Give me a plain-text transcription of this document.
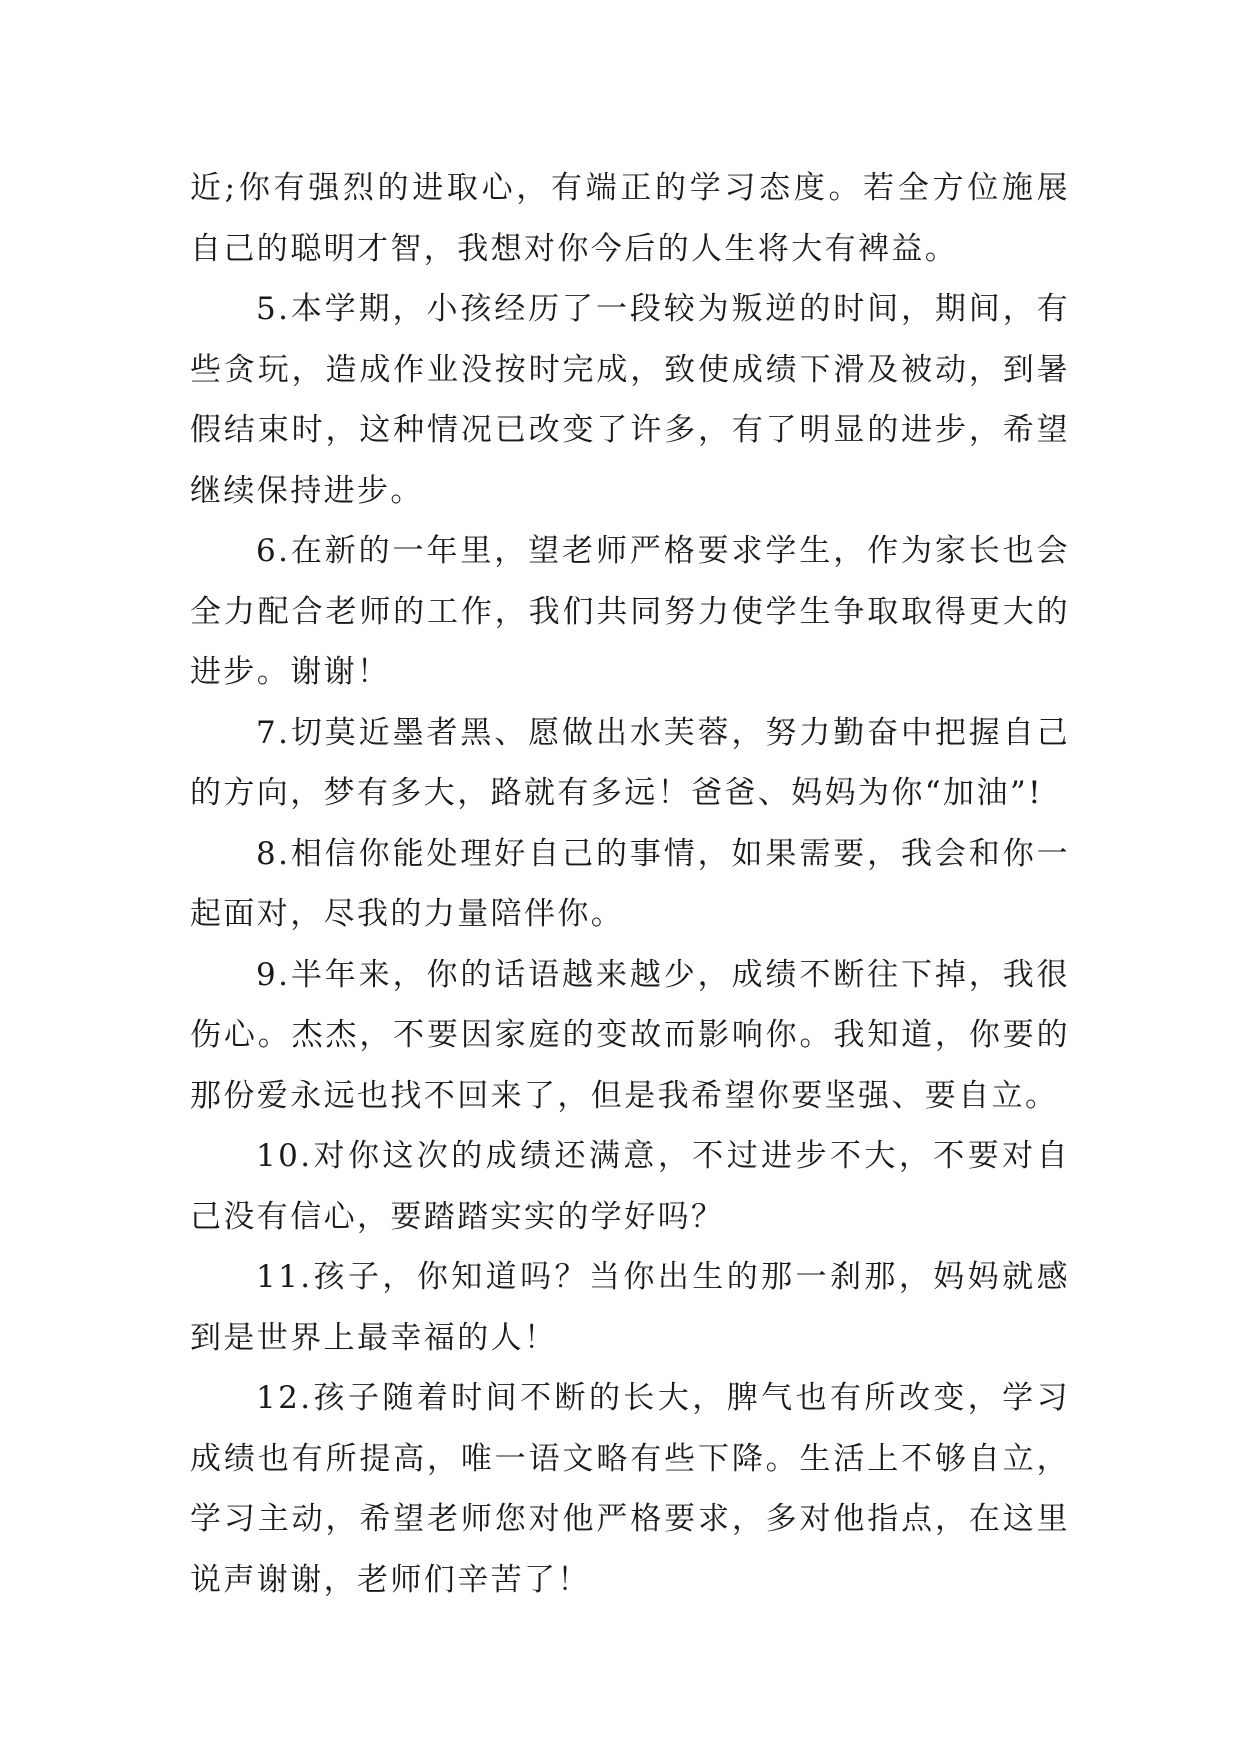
近;你有强烈的进取心，有端正的学习态度。若全方位施展自己的聪明才智，我想对你今后的人生将大有裨益。

5.本学期，小孩经历了一段较为叛逆的时间，期间，有些贪玩，造成作业没按时完成，致使成绩下滑及被动，到暑假结束时，这种情况已改变了许多，有了明显的进步，希望继续保持进步。

6.在新的一年里，望老师严格要求学生，作为家长也会全力配合老师的工作，我们共同努力使学生争取取得更大的进步。谢谢！

7.切莫近墨者黑、愿做出水芙蓉，努力勤奋中把握自己的方向，梦有多大，路就有多远！爸爸、妈妈为你“加油”!

8.相信你能处理好自己的事情，如果需要，我会和你一起面对，尽我的力量陪伴你。

9.半年来，你的话语越来越少，成绩不断往下掉，我很伤心。杰杰，不要因家庭的变故而影响你。我知道，你要的那份爱永远也找不回来了，但是我希望你要坚强、要自立。

10.对你这次的成绩还满意，不过进步不大，不要对自己没有信心，要踏踏实实的学好吗？

11.孩子，你知道吗？当你出生的那一刹那，妈妈就感到是世界上最幸福的人！

12.孩子随着时间不断的长大，脾气也有所改变，学习成绩也有所提高，唯一语文略有些下降。生活上不够自立，学习主动，希望老师您对他严格要求，多对他指点，在这里说声谢谢，老师们辛苦了！
